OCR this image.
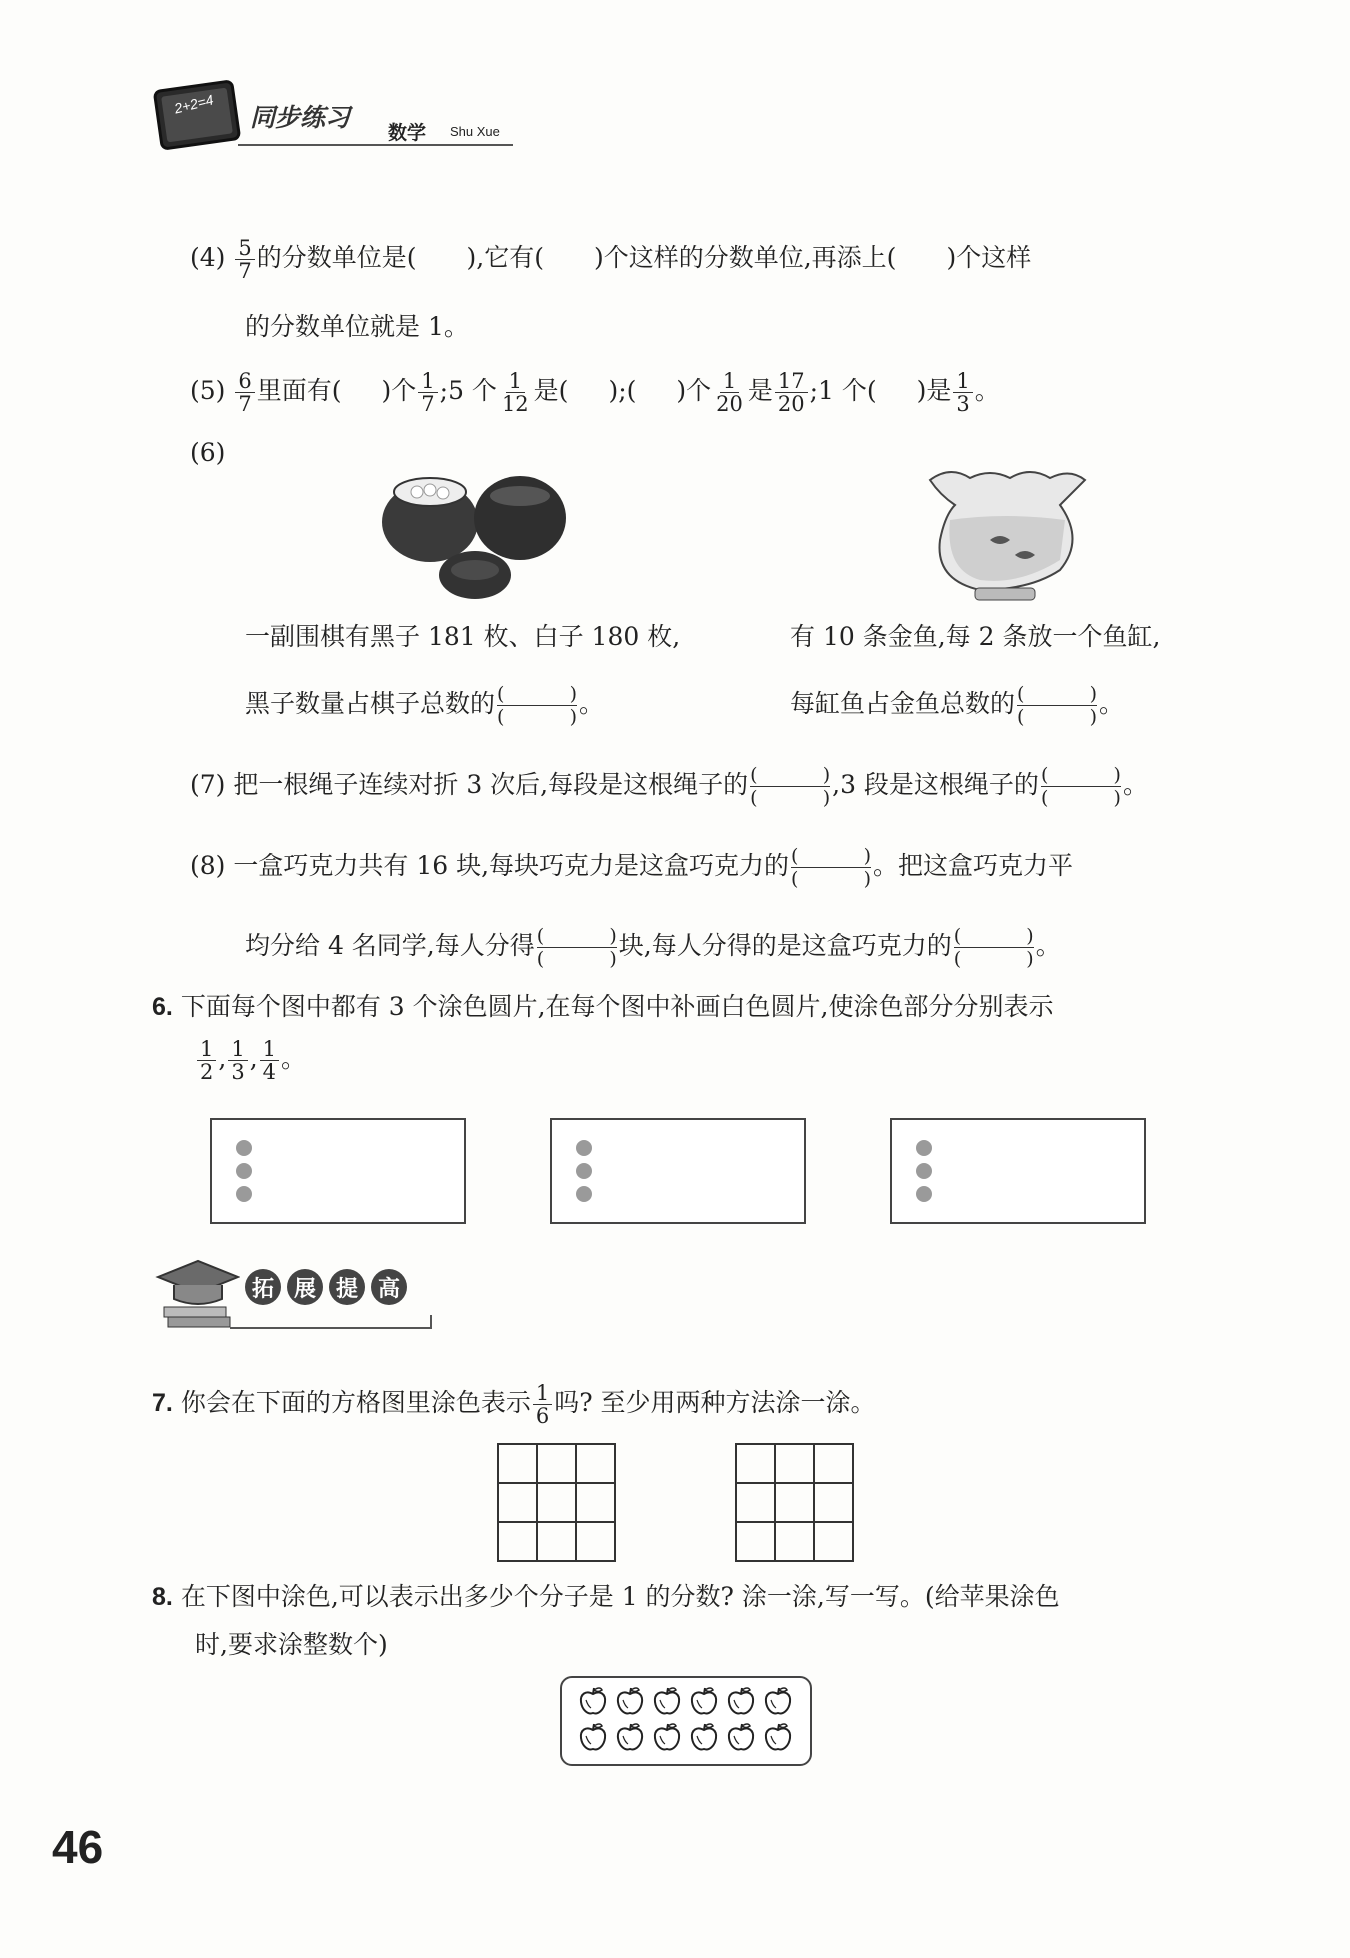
2+2=4 同步练习
数学 Shu Xue
$(4) \frac{5}{7}$ 的分数单位是( ),它有( )个这样的分数单位,再添上( )个这样
的分数单位就是 1。
$(5) \frac{6}{7}$ 里面有( )个 $\frac{1}{7}$ ;5 个 $\frac{1}{12}$ 是( );( )个 $\frac{1}{20}$ 是 $\frac{17}{20}$ ;1 个( )是 $\frac{1}{3}$ 。
(6)
一副围棋有黑子 181 枚、白子 180 枚,
黑子数量占棋子总数的 (	)
(	) 。
有 10 条金鱼,每 2 条放一个鱼缸,
每缸鱼占金鱼总数的 (	)
(	) 。
(7) 把一根绳子连续对折 3 次后,每段是这根绳子的 (	)
(	) ,3 段是这根绳子的 (	)
(	) 。
(8) 一盒巧克力共有 16 块,每块巧克力是这盒巧克力的 (	)
(	) 。把这盒巧克力平
均分给 4 名同学,每人分得 (	)
(	) 块,每人分得的是这盒巧克力的 (	)
(	) 。
6. 下面每个图中都有 3 个涂色圆片,在每个图中补画白色圆片,使涂色部分分别表示
$\frac{1}{2}$ , $\frac{1}{3}$ , $\frac{1}{4}$ 。
拓 展 提 高
7. 你会在下面的方格图里涂色表示 $\frac{1}{6}$ 吗? 至少用两种方法涂一涂。

8. 在下图中涂色,可以表示出多少个分子是 1 的分数? 涂一涂,写一写。(给苹果涂色
时,要求涂整数个)
46
